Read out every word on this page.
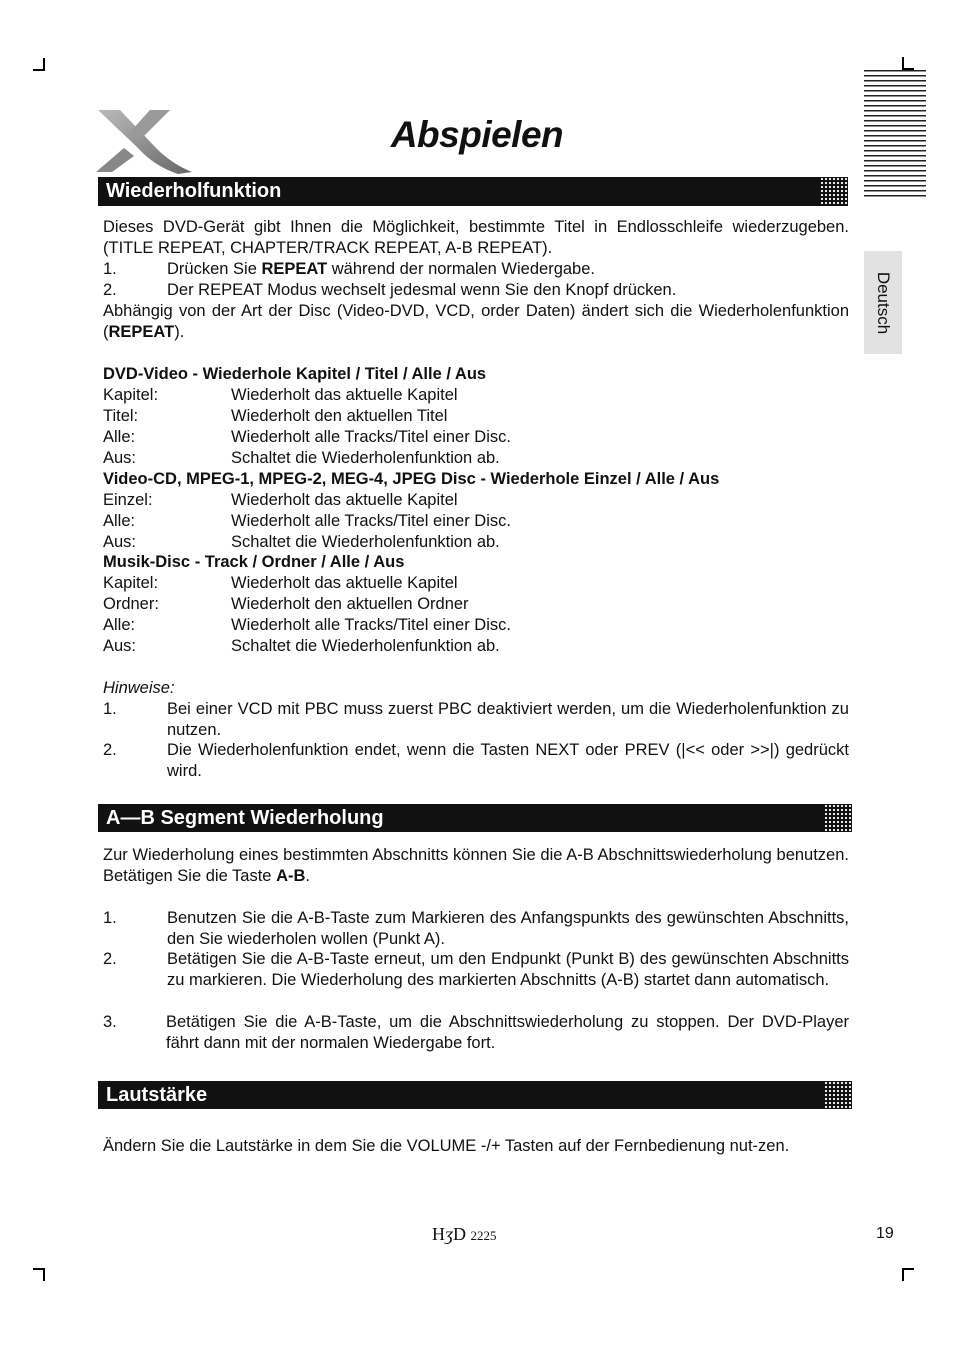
Abspielen
Deutsch
Wiederholfunktion
Dieses DVD-Gerät gibt Ihnen die Möglichkeit, bestimmte Titel in Endlosschleife wiederzugeben. (TITLE REPEAT, CHAPTER/TRACK REPEAT, A-B REPEAT).
1.	Drücken Sie REPEAT während der normalen Wiedergabe.
2.	Der REPEAT Modus wechselt jedesmal wenn Sie den Knopf drücken.
Abhängig von der Art der Disc (Video-DVD, VCD, order Daten) ändert sich die Wiederholenfunktion (REPEAT).
DVD-Video - Wiederhole Kapitel / Titel / Alle / Aus
Kapitel:	Wiederholt das aktuelle Kapitel
Titel:	Wiederholt den aktuellen Titel
Alle:	Wiederholt alle Tracks/Titel einer Disc.
Aus:	Schaltet die Wiederholenfunktion ab.
Video-CD, MPEG-1, MPEG-2, MEG-4, JPEG Disc - Wiederhole Einzel / Alle / Aus
Einzel:	Wiederholt das aktuelle Kapitel
Alle:	Wiederholt alle Tracks/Titel einer Disc.
Aus:	Schaltet die Wiederholenfunktion ab.
Musik-Disc - Track / Ordner / Alle / Aus
Kapitel:	Wiederholt das aktuelle Kapitel
Ordner:	Wiederholt den aktuellen Ordner
Alle:	Wiederholt alle Tracks/Titel einer Disc.
Aus:	Schaltet die Wiederholenfunktion ab.
Hinweise:
1.	Bei einer VCD mit PBC muss zuerst PBC deaktiviert werden, um die Wiederholenfunktion zu nutzen.
2.	Die Wiederholenfunktion endet, wenn die Tasten NEXT oder PREV (|<< oder >>|) gedrückt wird.
A—B Segment Wiederholung
Zur Wiederholung eines bestimmten Abschnitts können Sie die A-B Abschnittswiederholung benutzen. Betätigen Sie die Taste A-B.
1.	Benutzen Sie die A-B-Taste zum Markieren des Anfangspunkts des gewünschten Abschnitts, den Sie wiederholen wollen (Punkt A).
2.	Betätigen Sie die A-B-Taste erneut, um den Endpunkt (Punkt B) des gewünschten Abschnitts zu markieren. Die Wiederholung des markierten Abschnitts (A-B) startet dann automatisch.
3.	Betätigen Sie die A-B-Taste, um die Abschnittswiederholung zu stoppen. Der DVD-Player fährt dann mit der normalen Wiedergabe fort.
Lautstärke
Ändern Sie die Lautstärke in dem Sie die VOLUME -/+ Tasten auf der Fernbedienung nut-zen.
HʒD 2225	19
